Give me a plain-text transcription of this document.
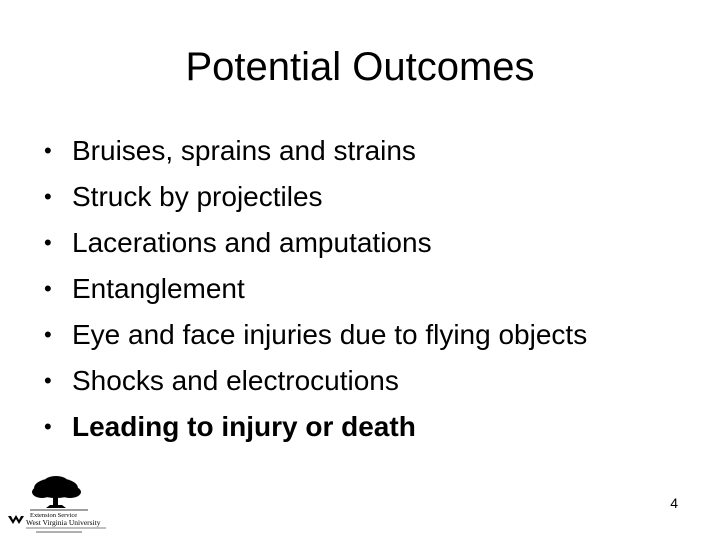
Potential Outcomes
• Bruises, sprains and strains
• Struck by projectiles
• Lacerations and amputations
• Entanglement
• Eye and face injuries due to flying objects
• Shocks and electrocutions
• Leading to injury or death
Extension Service
West Virginia University
4
